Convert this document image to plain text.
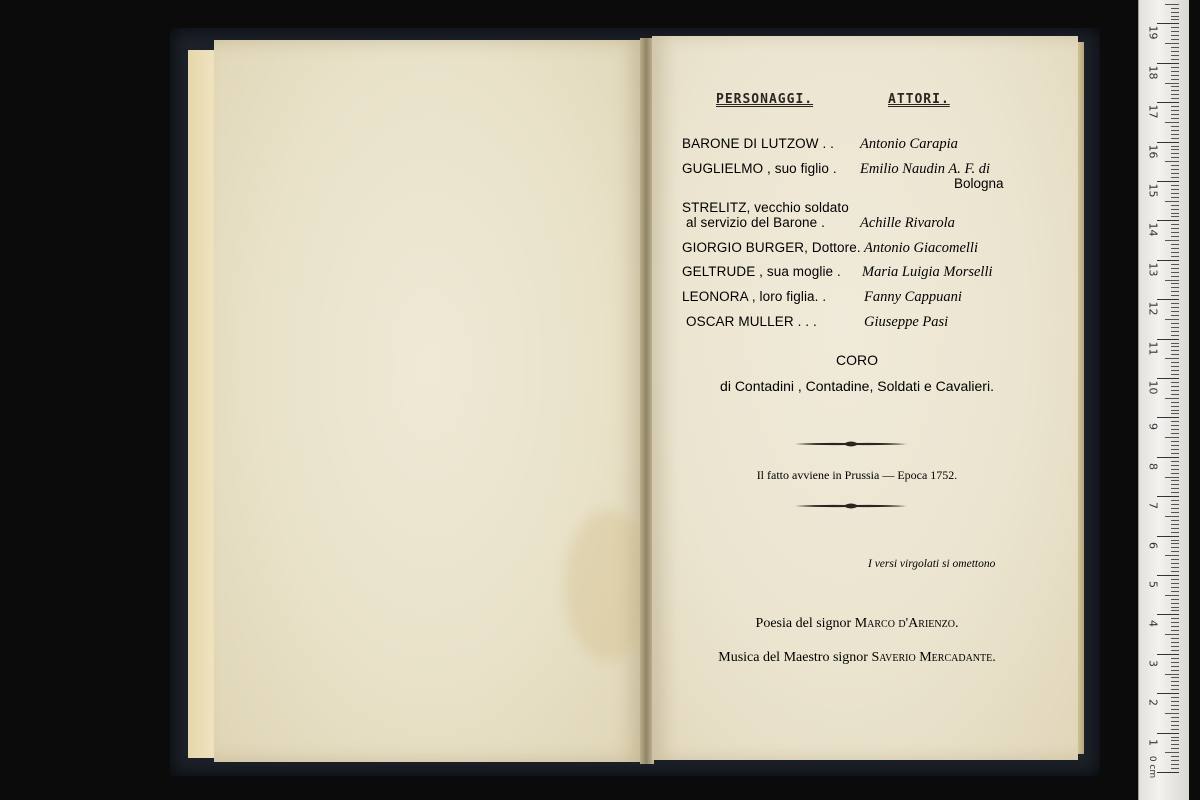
PERSONAGGI.	ATTORI.
BARONE DI LUTZOW . . Antonio Carapia
GUGLIELMO , suo figlio . Emilio Naudin A. F. di
Bologna
STRELITZ, vecchio soldato
al servizio del Barone . Achille Rivarola
GIORGIO BURGER, Dottore. Antonio Giacomelli
GELTRUDE , sua moglie . Maria Luigia Morselli
LEONORA , loro figlia. .	Fanny Cappuani
OSCAR MULLER . . .	Giuseppe Pasi
CORO
di Contadini , Contadine, Soldati e Cavalieri.
Il fatto avviene in Prussia — Epoca 1752.
I versi virgolati si omettono
Poesia del signor Marco d'Arienzo.
Musica del Maestro signor Saverio Mercadante.
0 cm
1
2
3
4
5
6
7
8
9
10
11
12
13
14
15
16
17
18
19
